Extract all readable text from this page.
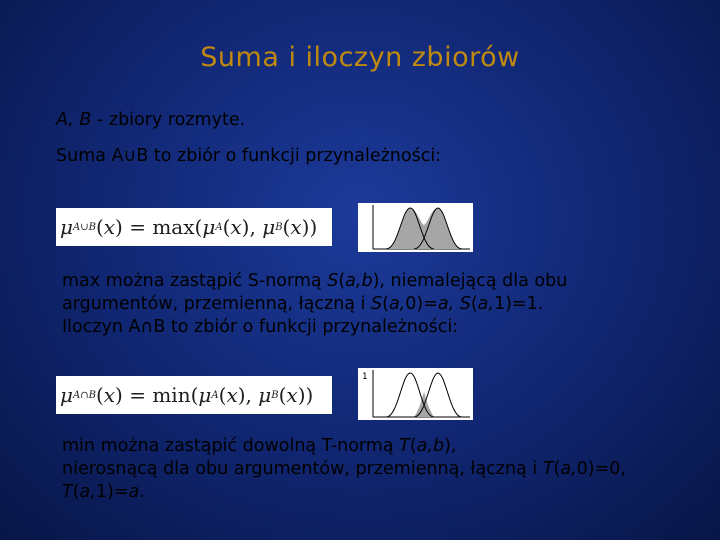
Suma i iloczyn zbiorów
A, B - zbiory rozmyte.
Suma A∪B to zbiór o funkcji przynależności:
μ A∪B ( x ) = max ( μ A ( x ), μ B ( x ))
max można zastąpić S-normą S(a,b), niemalejącą dla obu
argumentów, przemienną, łączną i S(a,0)=a, S(a,1)=1.
Iloczyn A∩B to zbiór o funkcji przynależności:
μ A∩B ( x ) = min ( μ A ( x ), μ B ( x ))
1
min można zastąpić dowolną T-normą T(a,b),
nierosnącą dla obu argumentów, przemienną, łączną i T(a,0)=0,
T(a,1)=a.
